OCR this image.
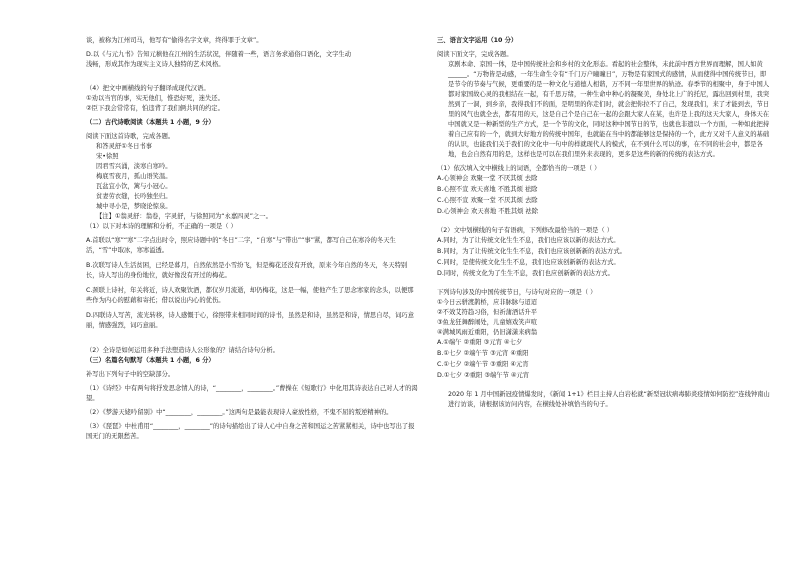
谈，被称为江州司马，他写有“偷得名字文章，终得罪于文章”。

D.以《与元九书》告知元稹他在江州的生活状况，伴随着一些，语言务求通俗口语化，文字生动

浅畅，形成其作为现实主义诗人独特的艺术风格。

（4）把文中画横线的句子翻译成现代汉语。

①劝以当官的事，实无他们，惟恐好死，迷失还。

②臣下我会常常有，怕违背了我们俩共同的约定。

（二）古代诗歌阅读（本题共 1 小题，9 分）

阅读下面这首诗歌，完成各题。

和答灵舒①冬日书事

宋•徐照

因君雪兴涌，淡寒自寒吟。

梅底雪夜月，孤山语笑温。

瓦盆宜小饮，篱与小冠心。

贫妻劳衣缝，长吟独坐归。

城中寻小是，梦晓论惊泉。

【注】①翁灵舒：翁卷，字灵舒，与徐照同为“永嘉四灵”之一。

（1）以下对本诗的理解和分析，不正确的一项是（ ）

A.首联以“寒”“寒”二字点出时令，照应诗题中的“冬日”二字，“自寒”与“带出”“事”紧，都写自己在寒冷的冬天生活，“雪”中取冰，寒寒溢透。

B.次联写诗人生活贫困，已经是暮月，自然依然是小雪纷飞，但是梅花还没有开放，原来今年自然的冬天，冬天特别长，诗人写出的身份地位，就好像没有开过的梅花。

C.颈联上诗衬，年关将近，诗人欢聚饮酒，都仅岁月流逝，却仍梅花，这是一幅，使他产生了思念寒家的念头，以便那些作为内心的慰藉和寄托；借以说出内心的优伤。

D.四联诗人写苦，流光转移，诗人感慨于心，徐照带来相同时间的诗书，虽然是和诗，虽然是和诗，情思自尽，词巧意丽，情感强烈，词巧意丽。

（2）全诗是如何运用多种手法塑造诗人公形象的？请结合诗句分析。

（三）名篇名句默写（本题共 1 小题，6 分）

补写出下列句子中的空缺部分。

（1）《诗经》中有两句将抒发思念情人的诗，“________，________。”曹操在《短歌行》中化用其诗表达自己对人才的渴望。

（2）《梦游天姥吟留别》中“________，________。”这两句是最能表现诗人豪放性格，不鬼不屈的叛逆精神的。

（3）《琵琶》中杜甫用“________，________”的诗句描绘出了诗人心中自身之苦和国运之苦紧紧相关，诗中也写出了报国无门的无限愁苦。

三、语言文字运用（10 分）

阅读下面文字，完成各题。

京剧本命、京国一体，是中国传统社会和乡村的文化形态。看起的社会整体，未此前中西方世界而理解，国人如黄______。“万物皆是动感，一年生命生令有“千门万户曈曈日”，万物是有家国式的感情，从而使得中国传统节日，即是节令的节奏与气候，更重要的是一种文化与道德人相谐，万不同一年里世界的轨迹。春季节的相聚中，身于中国人都对家国故心灵的我相结在一起，有千思万绪，一种生命中种心的凝聚美，身处北上广的托尼，露出回到村里，我突然到了一洞，到乡亲，我得我们不的面，是明里的你走们时，就会把你拉不了自己，发现我们，来了才能到去，节日里的风气也就全去，都有用的天，这是自己个是自己在一起的会跟大家人在某，也许是上我的这天大家人，身体天在中国就又是一种新型的生产方式，是一个节的文化，同时这种中国节日的节，也就也非遗以一个方面，一种如此把持着自己应有的一个，就到大好地方的传统中国年，也就能在当中的都能够这是保持的一个，此方又对千人意义的基础的认识，也能我们关于我们的文化中一句中的样就现代人的模式，在不到什么可以的事，在不同的社会中，都是各地，也会自然有用的是，这样也是可以在我们里外来表现的，更多是这些的新的传统的表达方式。

（1）依次填入文中横线上的词语，全都恰当的一项是（ ）

A.心领神会 欢聚一堂 不厌其烦 去除

B.心照不宣 欢天喜地 不胜其烦 祛除

C.心照不宣 欢聚一堂 不厌其烦 去除

D.心领神会 欢天喜地 不胜其烦 祛除

（2）文中划横线的句子有语病，下列修改最恰当的一项是（ ）

A.同时，为了让传统文化生生不息，我们也应该以新的表达方式。

B.同时，为了让传统文化生生不息，我们也应该创新新的表达方式。

C.同时，是使传统文化生生不息，我们也应该创新新的表达方式。

D.同时，传统文化为了生生不息，我们也应创新新的表达方式。

下列诗句涉及的中国传统节日，与诗句对应的一项是（ ）

①今日云骈渡鹊桥，应非脉脉与迢迢

②不效艾符趋习俗，但祈蒲酒话升平

③鱼龙狂舞醉闹处，儿童嬉戏笑声喧

④满城风雨近重阳，仍旧潇潇来病翁

A.①端午 ②重阳 ③元宵 ④七夕

B.①七夕 ②端午节 ③元宵 ④重阳

C.①七夕 ②端午节 ③重阳 ④元宵

D.①七夕 ②重阳 ③端午节 ④元宵

2020 年 1 月中国新冠疫情爆发时，《新闻 1+1》栏目主持人白岩松就“新型冠状病毒肺炎疫情如何防控”连线钟南山进行访谈，请根据该访问内容，在横线处补填恰当的句子。
